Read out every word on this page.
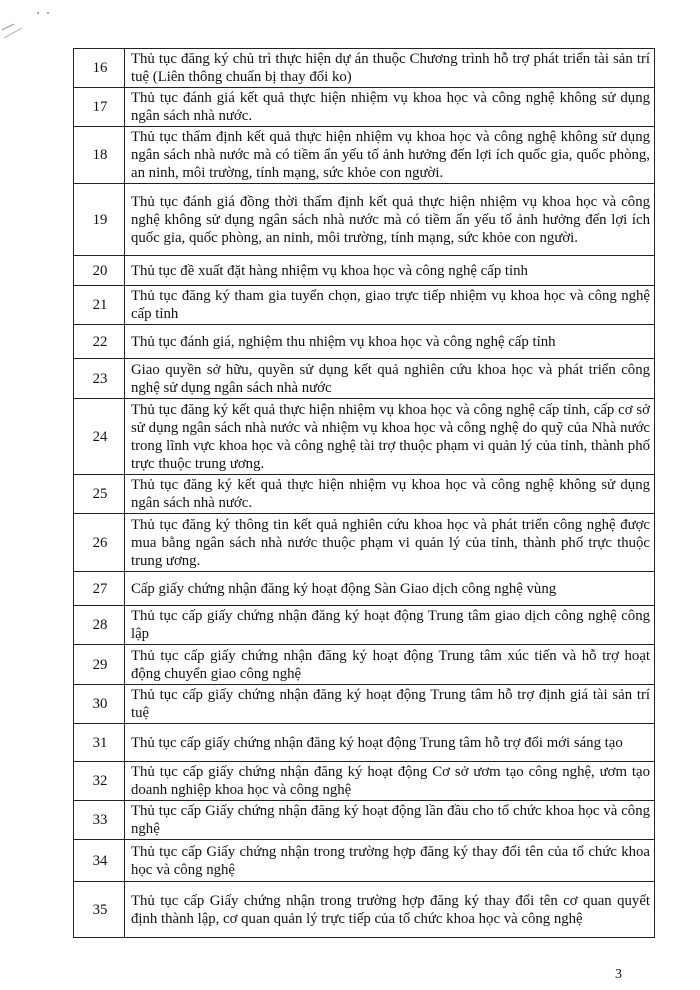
16	Thủ tục đăng ký chủ trì thực hiện dự án thuộc Chương trình hỗ trợ phát triển tài sản trí tuệ (Liên thông chuẩn bị thay đổi ko)
17	Thủ tục đánh giá kết quả thực hiện nhiệm vụ khoa học và công nghệ không sử dụng ngân sách nhà nước.
18	Thủ tục thẩm định kết quả thực hiện nhiệm vụ khoa học và công nghệ không sử dụng ngân sách nhà nước mà có tiềm ẩn yếu tố ảnh hưởng đến lợi ích quốc gia, quốc phòng, an ninh, môi trường, tính mạng, sức khỏe con người.
19	Thủ tục đánh giá đồng thời thẩm định kết quả thực hiện nhiệm vụ khoa học và công nghệ không sử dụng ngân sách nhà nước mà có tiềm ẩn yếu tố ảnh hưởng đến lợi ích quốc gia, quốc phòng, an ninh, môi trường, tính mạng, sức khỏe con người.
20	Thủ tục đề xuất đặt hàng nhiệm vụ khoa học và công nghệ cấp tỉnh
21	Thủ tục đăng ký tham gia tuyển chọn, giao trực tiếp nhiệm vụ khoa học và công nghệ cấp tỉnh
22	Thủ tục đánh giá, nghiệm thu nhiệm vụ khoa học và công nghệ cấp tỉnh
23	Giao quyền sở hữu, quyền sử dụng kết quả nghiên cứu khoa học và phát triển công nghệ sử dụng ngân sách nhà nước
24	Thủ tục đăng ký kết quả thực hiện nhiệm vụ khoa học và công nghệ cấp tỉnh, cấp cơ sở sử dụng ngân sách nhà nước và nhiệm vụ khoa học và công nghệ do quỹ của Nhà nước trong lĩnh vực khoa học và công nghệ tài trợ thuộc phạm vi quản lý của tỉnh, thành phố trực thuộc trung ương.
25	Thủ tục đăng ký kết quả thực hiện nhiệm vụ khoa học và công nghệ không sử dụng ngân sách nhà nước.
26	Thủ tục đăng ký thông tin kết quả nghiên cứu khoa học và phát triển công nghệ được mua bằng ngân sách nhà nước thuộc phạm vi quản lý của tỉnh, thành phố trực thuộc trung ương.
27	Cấp giấy chứng nhận đăng ký hoạt động Sàn Giao dịch công nghệ vùng
28	Thủ tục cấp giấy chứng nhận đăng ký hoạt động Trung tâm giao dịch công nghệ công lập
29	Thủ tục cấp giấy chứng nhận đăng ký hoạt động Trung tâm xúc tiến và hỗ trợ hoạt động chuyển giao công nghệ
30	Thủ tục cấp giấy chứng nhận đăng ký hoạt động Trung tâm hỗ trợ định giá tài sản trí tuệ
31	Thủ tục cấp giấy chứng nhận đăng ký hoạt động Trung tâm hỗ trợ đổi mới sáng tạo
32	Thủ tục cấp giấy chứng nhận đăng ký hoạt động Cơ sở ươm tạo công nghệ, ươm tạo doanh nghiệp khoa học và công nghệ
33	Thủ tục cấp Giấy chứng nhận đăng ký hoạt động lần đầu cho tổ chức khoa học và công nghệ
34	Thủ tục cấp Giấy chứng nhận trong trường hợp đăng ký thay đổi tên của tổ chức khoa học và công nghệ
35	Thủ tục cấp Giấy chứng nhận trong trường hợp đăng ký thay đổi tên cơ quan quyết định thành lập, cơ quan quản lý trực tiếp của tổ chức khoa học và công nghệ
3
